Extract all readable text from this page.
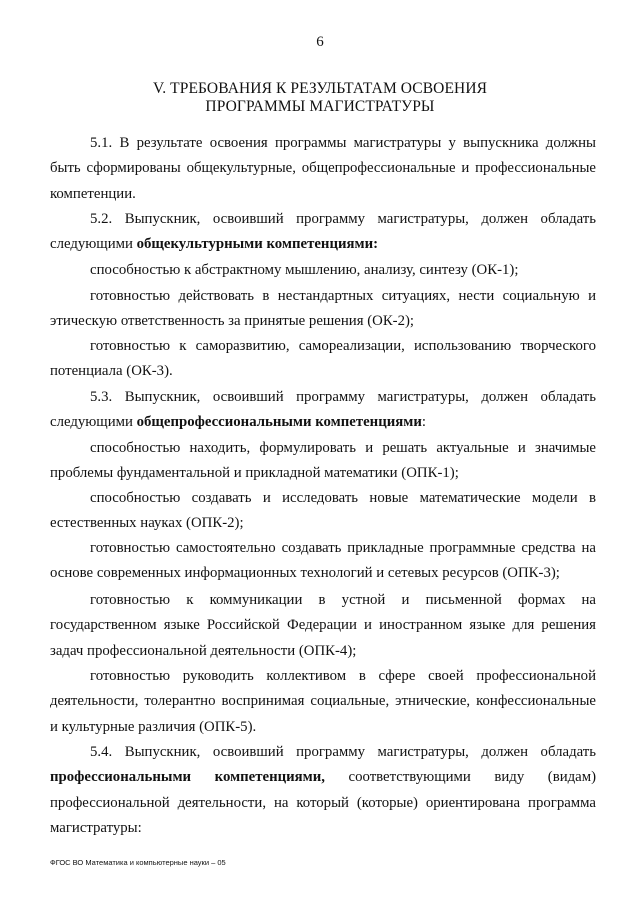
6
V. ТРЕБОВАНИЯ К РЕЗУЛЬТАТАМ ОСВОЕНИЯ
ПРОГРАММЫ МАГИСТРАТУРЫ

5.1. В результате освоения программы магистратуры у выпускника должны быть сформированы общекультурные, общепрофессиональные и профессиональные компетенции.

5.2. Выпускник, освоивший программу магистратуры, должен обладать следующими общекультурными компетенциями:

способностью к абстрактному мышлению, анализу, синтезу (ОК-1);

готовностью действовать в нестандартных ситуациях, нести социальную и этическую ответственность за принятые решения (ОК-2);

готовностью к саморазвитию, самореализации, использованию творческого потенциала (ОК-3).

5.3. Выпускник, освоивший программу магистратуры, должен обладать следующими общепрофессиональными компетенциями:

способностью находить, формулировать и решать актуальные и значимые проблемы фундаментальной и прикладной математики (ОПК-1);

способностью создавать и исследовать новые математические модели в естественных науках (ОПК-2);

готовностью самостоятельно создавать прикладные программные средства на основе современных информационных технологий и сетевых ресурсов (ОПК-3);

готовностью к коммуникации в устной и письменной формах на государственном языке Российской Федерации и иностранном языке для решения задач профессиональной деятельности (ОПК-4);

готовностью руководить коллективом в сфере своей профессиональной деятельности, толерантно воспринимая социальные, этнические, конфессиональные и культурные различия (ОПК-5).

5.4. Выпускник, освоивший программу магистратуры, должен обладать профессиональными компетенциями, соответствующими виду (видам) профессиональной деятельности, на который (которые) ориентирована программа магистратуры:

ФГОС ВО Математика и компьютерные науки – 05
